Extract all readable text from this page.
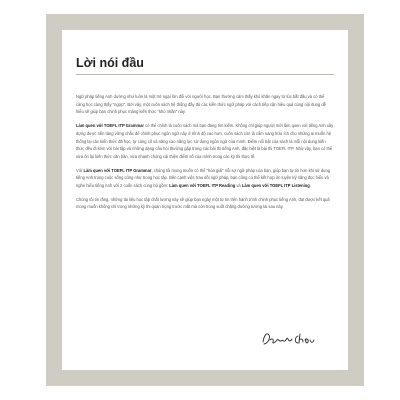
Lời nói đầu

Ngữ pháp tiếng Anh dường như luôn là một trở ngại lớn đối với người học. Bạn thường cảm thấy khó khăn ngay từ lúc bắt đầu và có thể càng học càng thấy "ngợp". Bởi vậy, một cuốn sách hệ thống đầy đủ các kiến thức ngữ pháp với cách tiếp cận hiệu quả cùng nội dung dễ hiểu sẽ giúp bạn chinh phục mảng kiến thức "khó nhằn" này.

Làm quen với TOEFL ITP Grammar có thể chính là cuốn sách mà bạn đang tìm kiếm. Không chỉ giúp người mới làm quen với tiếng Anh xây dựng được nền tảng vững chắc để chinh phục ngôn ngữ này ở trình độ cao hơn, cuốn sách còn là cẩm nang hữu ích cho những ai muốn hệ thống lại các kiến thức đã học, tự củng cố và nâng cao năng lực sử dụng ngôn ngữ của mình. Điểm nổi bật của sách là mỗi nội dung kiến thức đều đi kèm với bài tập và những dạng câu hỏi thường gặp trong các bài thi tiếng Anh, đặc biệt là bài thi TOEFL ITP. Nhờ vậy, bạn có thể vừa ôn lại kiến thức căn bản, vừa nhanh chóng cải thiện điểm số của mình trong các kỳ thi thực tế.

Với Làm quen với TOEFL ITP Grammar, chúng tôi mong muốn có thể "hóa giải" nỗi sợ ngữ pháp của bạn, giúp bạn tự tin hơn khi sử dụng tiếng Anh trong cuộc sống cũng như trong học tập. Bên cạnh việc trau dồi ngữ pháp, bạn cũng có thể kết hợp ôn luyện kỹ năng đọc hiểu và nghe hiểu tiếng Anh với 2 cuốn sách cùng bộ gồm: Làm quen với TOEFL ITP Reading và Làm quen với TOEFL ITP Listening.

Chúng tôi tin rằng, những tài liệu học tập chất lượng này sẽ giúp bạn ngày một tự tin trên hành trình chinh phục tiếng Anh, đạt được kết quả mong muốn không chỉ trong những kỳ thi quan trọng trước mắt mà còn trong suốt chặng đường tương lai sau này.
